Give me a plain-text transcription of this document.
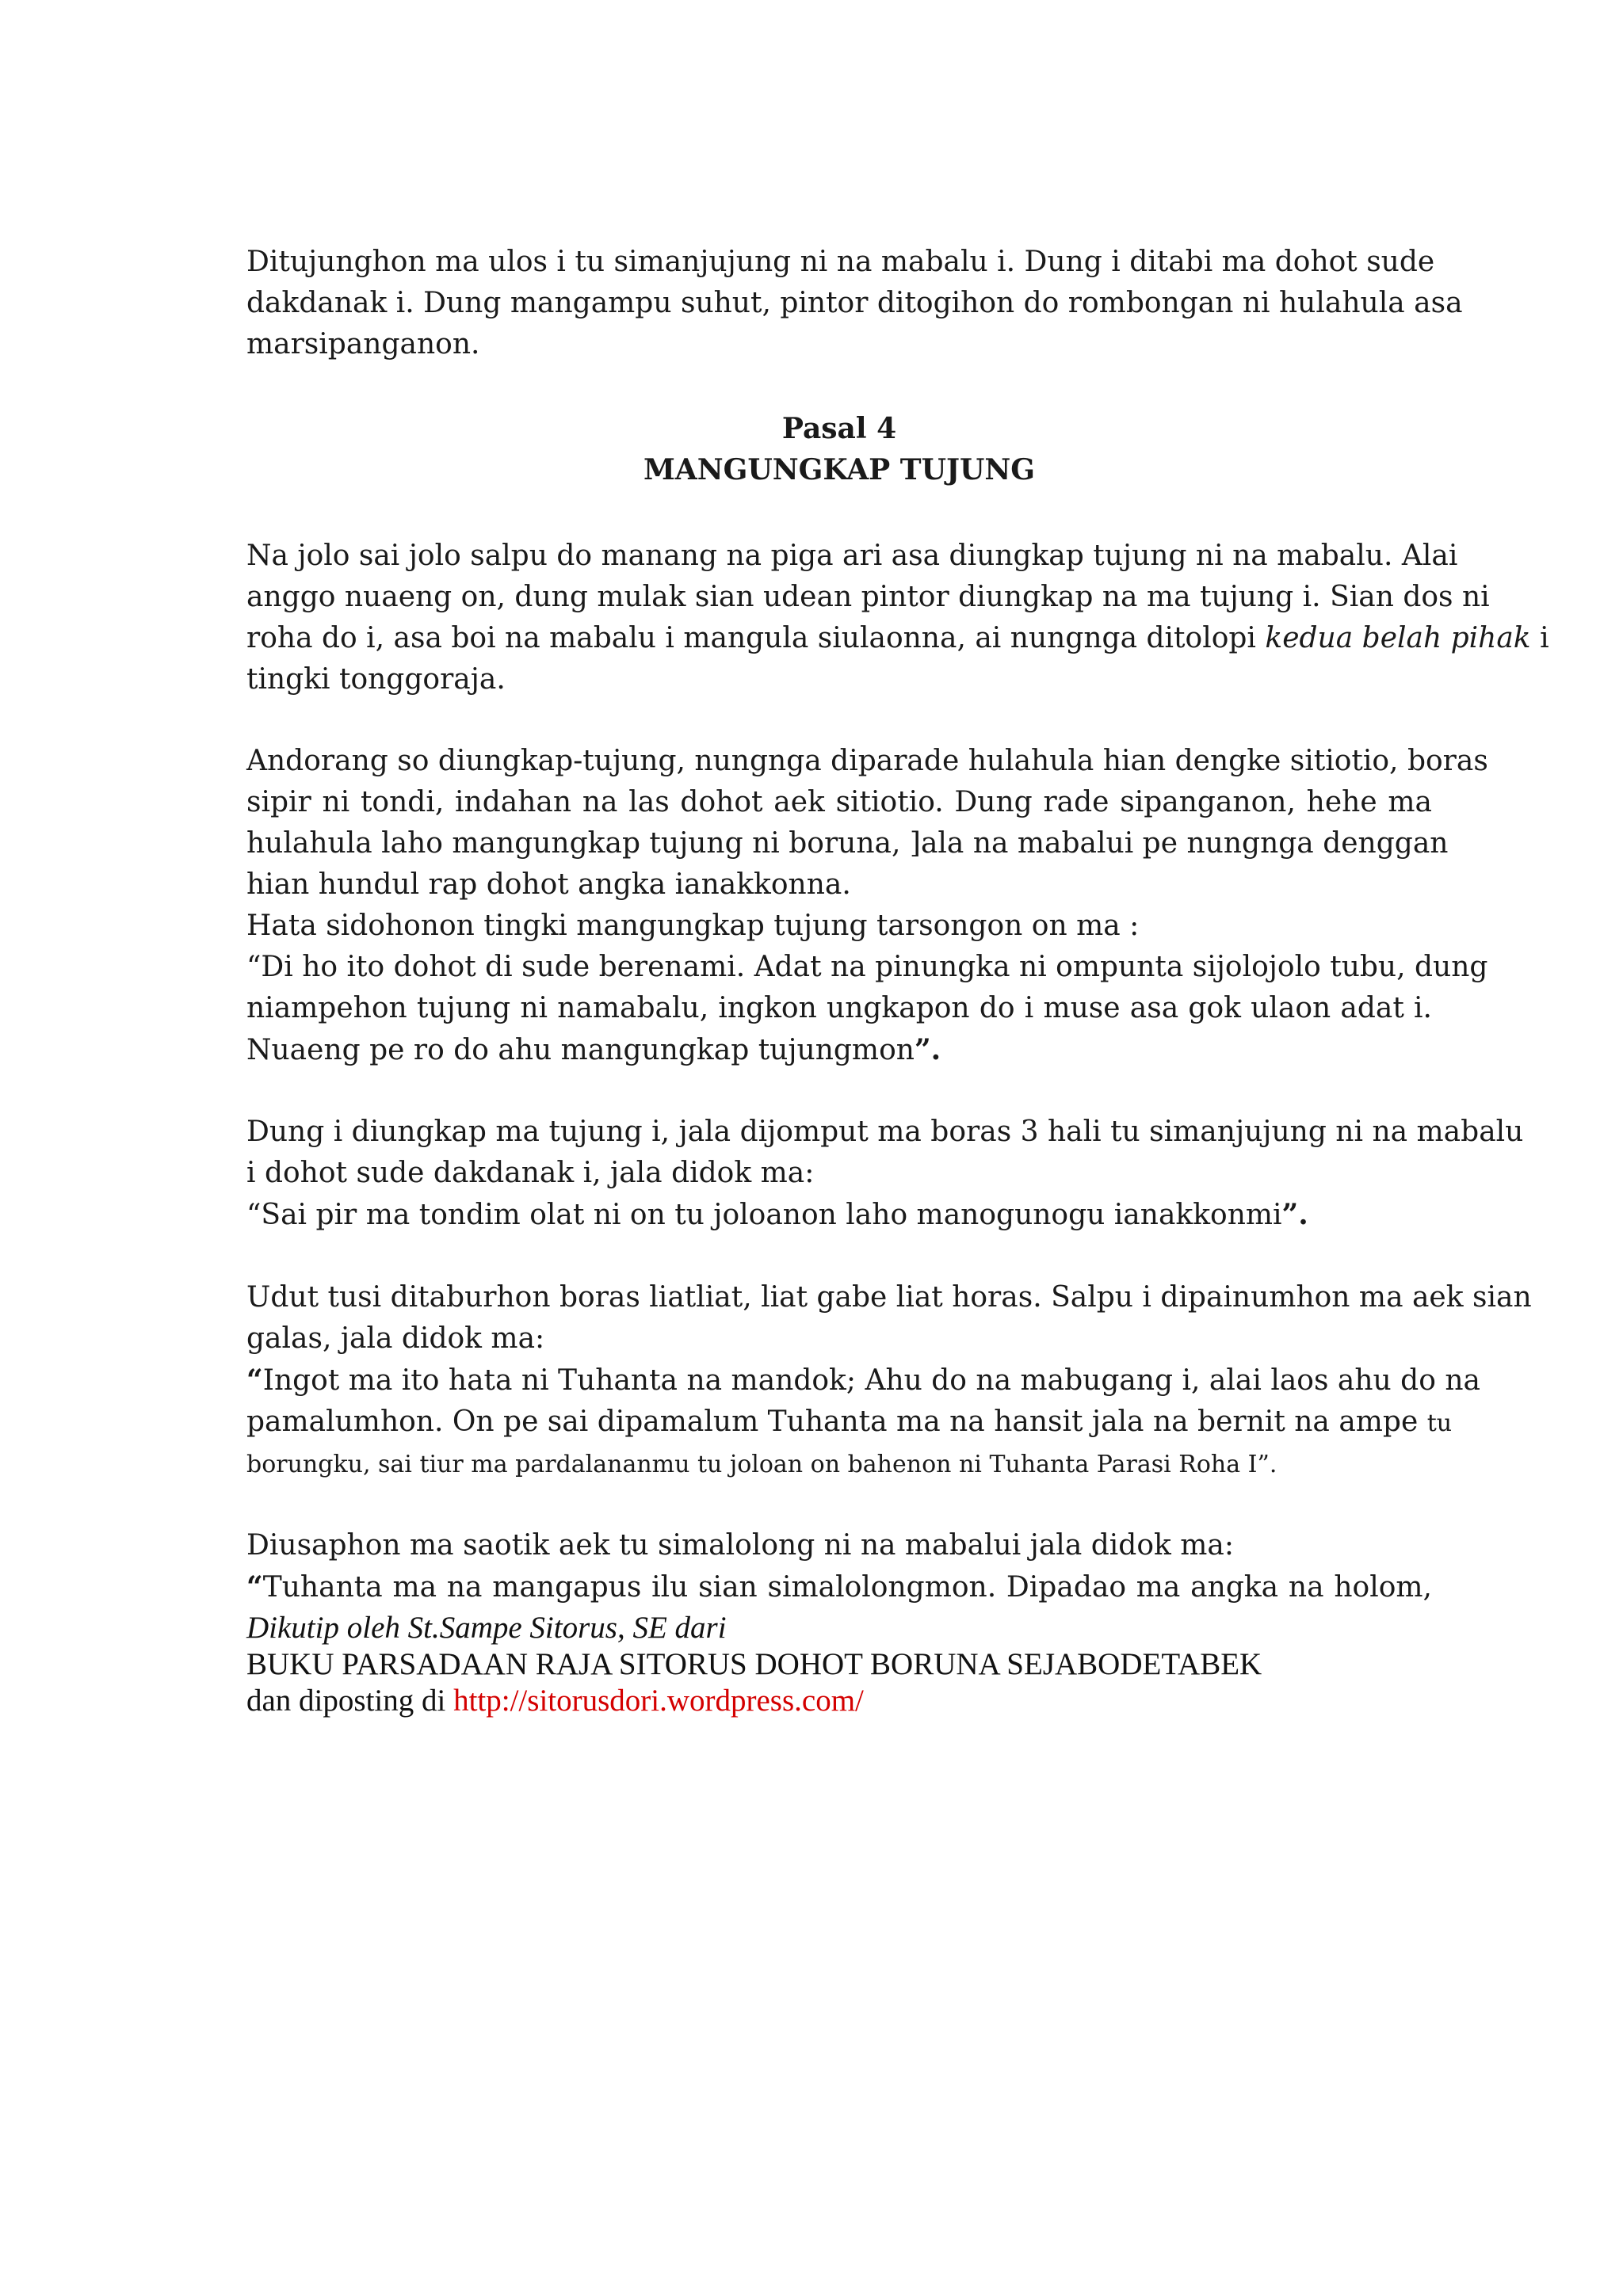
Ditujunghon ma ulos i tu simanjujung ni na mabalu i. Dung i ditabi ma dohot sude
dakdanak i. Dung mangampu suhut, pintor ditogihon do rombongan ni hulahula asa
marsipanganon.

Pasal 4

MANGUNGKAP TUJUNG

Na jolo sai jolo salpu do manang na piga ari asa diungkap tujung ni na mabalu. Alai
anggo nuaeng on, dung mulak sian udean pintor diungkap na ma tujung i. Sian dos ni
roha do i, asa boi na mabalu i mangula siulaonna, ai nungnga ditolopi kedua belah pihak i
tingki tonggoraja.

Andorang so diungkap-tujung, nungnga diparade hulahula hian dengke sitiotio, boras
sipir ni tondi, indahan na las dohot aek sitiotio. Dung rade sipanganon, hehe ma
hulahula laho mangungkap tujung ni boruna, ]ala na mabalui pe nungnga denggan
hian hundul rap dohot angka ianakkonna.
Hata sidohonon tingki mangungkap tujung tarsongon on ma :
“Di ho ito dohot di sude berenami. Adat na pinungka ni ompunta sijolojolo tubu, dung
niampehon tujung ni namabalu, ingkon ungkapon do i muse asa gok ulaon adat i.
Nuaeng pe ro do ahu mangungkap tujungmon”.

Dung i diungkap ma tujung i, jala dijomput ma boras 3 hali tu simanjujung ni na mabalu
i dohot sude dakdanak i, jala didok ma:
“Sai pir ma tondim olat ni on tu joloanon laho manogunogu ianakkonmi”.

Udut tusi ditaburhon boras liatliat, liat gabe liat horas. Salpu i dipainumhon ma aek sian
galas, jala didok ma:
“Ingot ma ito hata ni Tuhanta na mandok; Ahu do na mabugang i, alai laos ahu do na
pamalumhon. On pe sai dipamalum Tuhanta ma na hansit jala na bernit na ampe tu
borungku, sai tiur ma pardalananmu tu joloan on bahenon ni Tuhanta Parasi Roha I”.

Diusaphon ma saotik aek tu simalolong ni na mabalui jala didok ma:
“Tuhanta ma na mangapus ilu sian simalolongmon. Dipadao ma angka na holom,

Dikutip oleh St.Sampe Sitorus, SE dari
BUKU PARSADAAN RAJA SITORUS DOHOT BORUNA SEJABODETABEK
dan diposting di http://sitorusdori.wordpress.com/
